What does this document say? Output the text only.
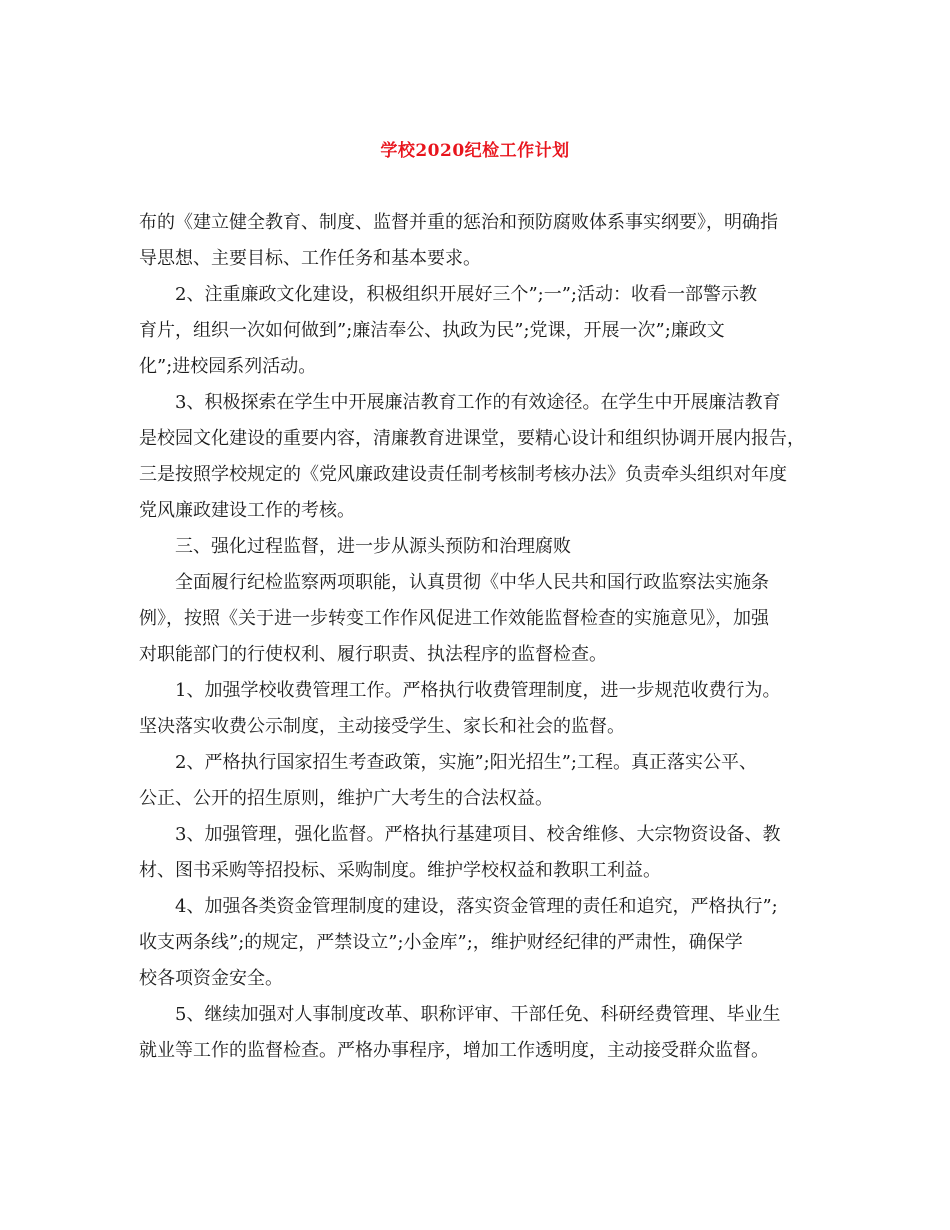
学校2020纪检工作计划
布的《建立健全教育、制度、监督并重的惩治和预防腐败体系事实纲要》，明确指
导思想、主要目标、工作任务和基本要求。
2、注重廉政文化建设，积极组织开展好三个”;一”;活动：收看一部警示教
育片，组织一次如何做到”;廉洁奉公、执政为民”;党课，开展一次”;廉政文
化”;进校园系列活动。
3、积极探索在学生中开展廉洁教育工作的有效途径。在学生中开展廉洁教育
是校园文化建设的重要内容，清廉教育进课堂，要精心设计和组织协调开展内报告，
三是按照学校规定的《党风廉政建设责任制考核制考核办法》负责牵头组织对年度
党风廉政建设工作的考核。
三、强化过程监督，进一步从源头预防和治理腐败
全面履行纪检监察两项职能，认真贯彻《中华人民共和国行政监察法实施条
例》，按照《关于进一步转变工作作风促进工作效能监督检查的实施意见》，加强
对职能部门的行使权利、履行职责、执法程序的监督检查。
1、加强学校收费管理工作。严格执行收费管理制度，进一步规范收费行为。
坚决落实收费公示制度，主动接受学生、家长和社会的监督。
2、严格执行国家招生考查政策，实施”;阳光招生”;工程。真正落实公平、
公正、公开的招生原则，维护广大考生的合法权益。
3、加强管理，强化监督。严格执行基建项目、校舍维修、大宗物资设备、教
材、图书采购等招投标、采购制度。维护学校权益和教职工利益。
4、加强各类资金管理制度的建设，落实资金管理的责任和追究，严格执行”;
收支两条线”;的规定，严禁设立”;小金库”;，维护财经纪律的严肃性，确保学
校各项资金安全。
5、继续加强对人事制度改革、职称评审、干部任免、科研经费管理、毕业生
就业等工作的监督检查。严格办事程序，增加工作透明度，主动接受群众监督。
